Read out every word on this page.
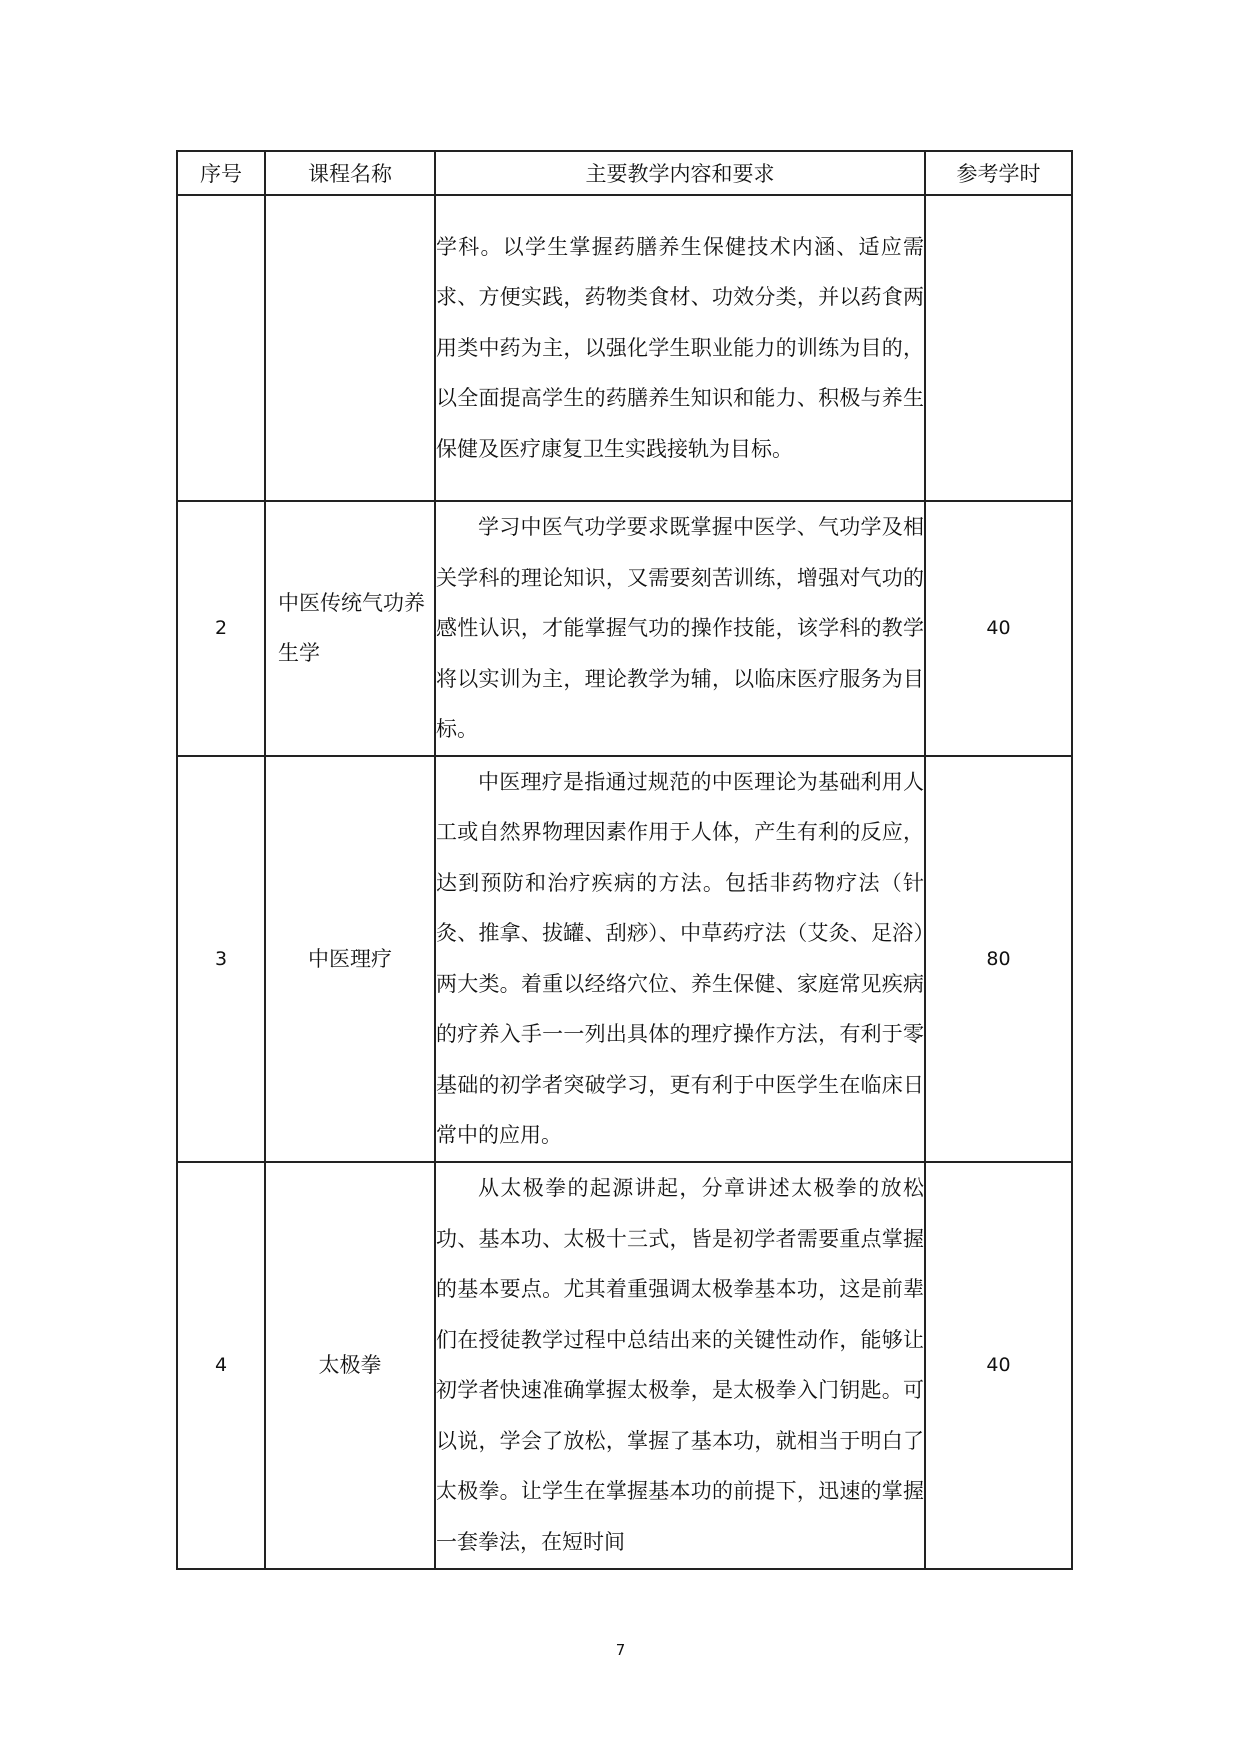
序号	课程名称	主要教学内容和要求	参考学时

		学科。以学生掌握药膳养生保健技术内涵、适应需求、方便实践，药物类食材、功效分类，并以药食两用类中药为主，以强化学生职业能力的训练为目的，以全面提高学生的药膳养生知识和能力、积极与养生保健及医疗康复卫生实践接轨为目标。	

2	中医传统气功养生学	学习中医气功学要求既掌握中医学、气功学及相关学科的理论知识，又需要刻苦训练，增强对气功的感性认识，才能掌握气功的操作技能，该学科的教学将以实训为主，理论教学为辅，以临床医疗服务为目标。	40
3	中医理疗	中医理疗是指通过规范的中医理论为基础利用人工或自然界物理因素作用于人体，产生有利的反应，达到预防和治疗疾病的方法。包括非药物疗法（针灸、推拿、拔罐、刮痧）、中草药疗法（艾灸、足浴）两大类。着重以经络穴位、养生保健、家庭常见疾病的疗养入手一一列出具体的理疗操作方法，有利于零基础的初学者突破学习，更有利于中医学生在临床日常中的应用。	80
4	太极拳	从太极拳的起源讲起，分章讲述太极拳的放松功、基本功、太极十三式，皆是初学者需要重点掌握的基本要点。尤其着重强调太极拳基本功，这是前辈们在授徒教学过程中总结出来的关键性动作，能够让初学者快速准确掌握太极拳，是太极拳入门钥匙。可以说，学会了放松，掌握了基本功，就相当于明白了太极拳。让学生在掌握基本功的前提下，迅速的掌握一套拳法，在短时间	40
7
